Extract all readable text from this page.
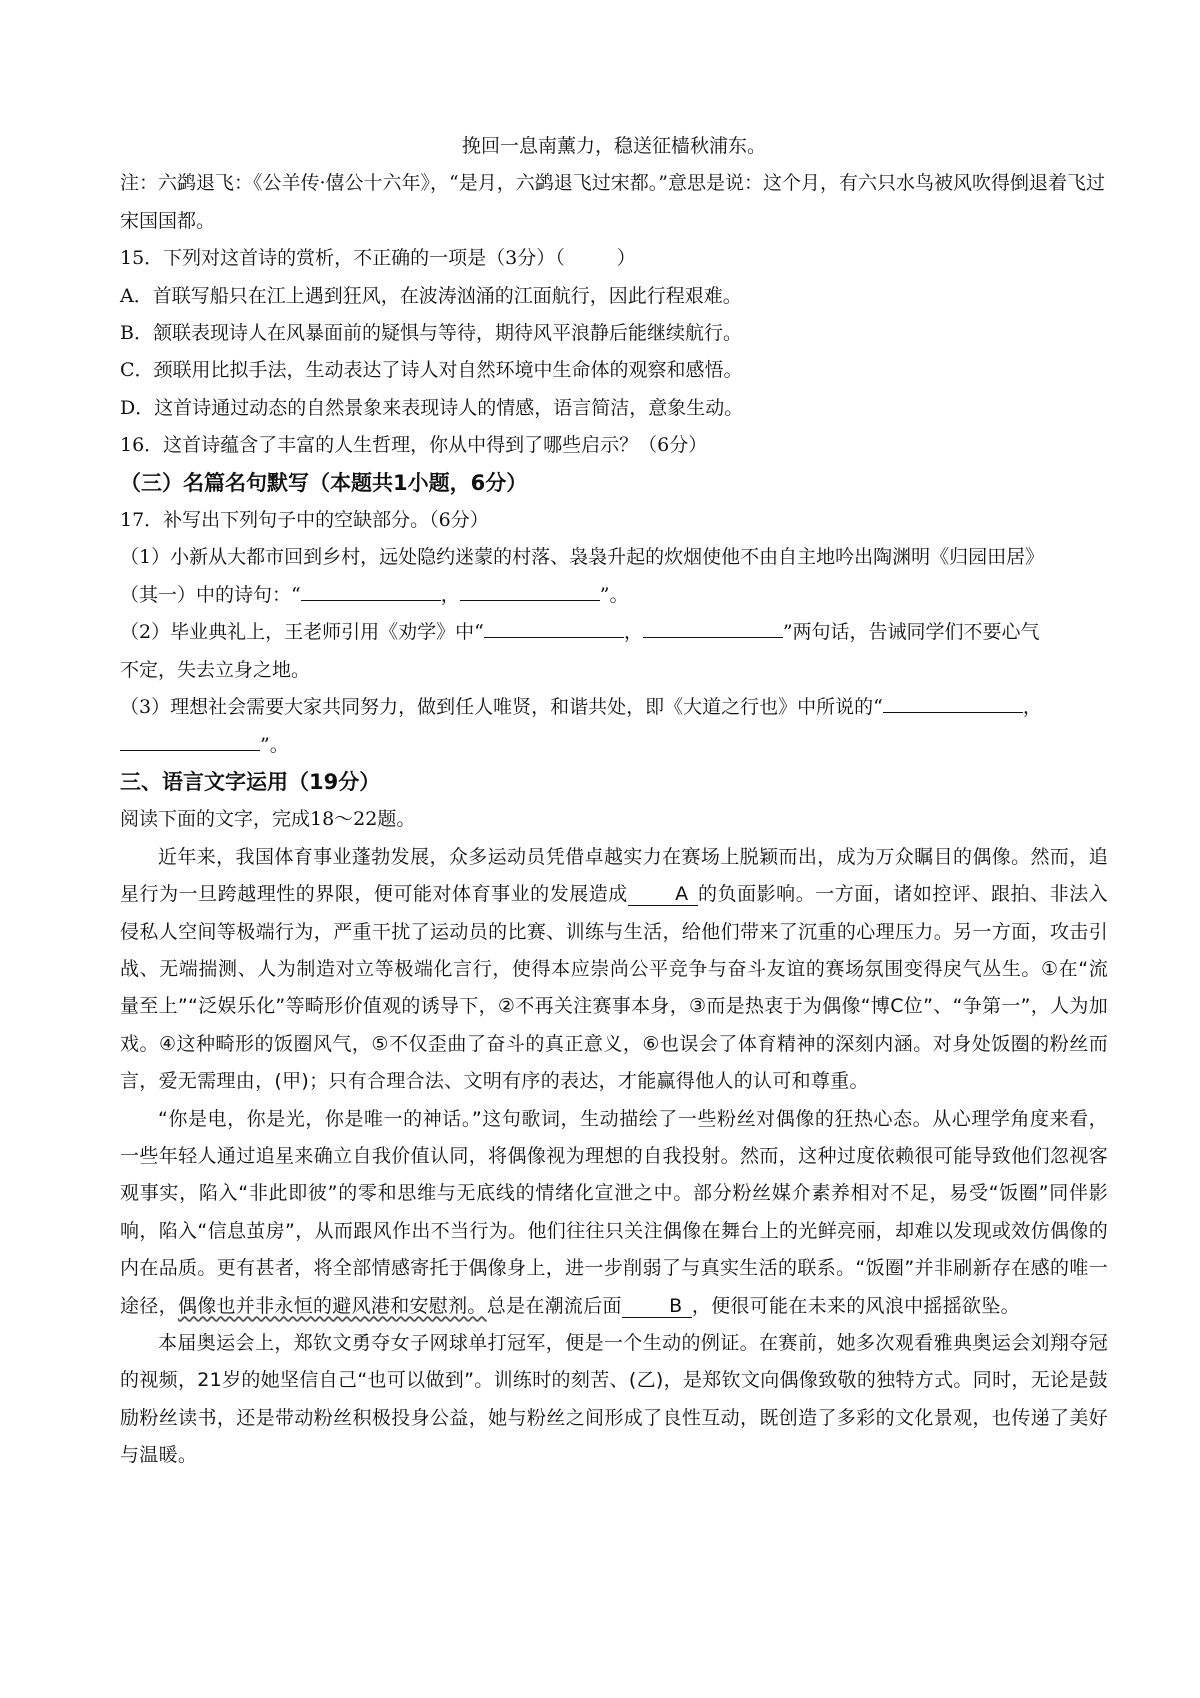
挽回一息南薰力，稳送征樯秋浦东。

注：六鹢退飞：《公羊传·僖公十六年》，“是月，六鹢退飞过宋都。”意思是说：这个月，有六只水鸟被风吹得倒退着飞过宋国国都。

15．下列对这首诗的赏析，不正确的一项是（3分）（	）

A．首联写船只在江上遇到狂风，在波涛汹涌的江面航行，因此行程艰难。

B．颔联表现诗人在风暴面前的疑惧与等待，期待风平浪静后能继续航行。

C．颈联用比拟手法，生动表达了诗人对自然环境中生命体的观察和感悟。

D．这首诗通过动态的自然景象来表现诗人的情感，语言简洁，意象生动。

16．这首诗蕴含了丰富的人生哲理，你从中得到了哪些启示？（6分）

（三）名篇名句默写（本题共1小题，6分）

17．补写出下列句子中的空缺部分。（6分）

（1）小新从大都市回到乡村，远处隐约迷蒙的村落、袅袅升起的炊烟使他不由自主地吟出陶渊明《归园田居》

（其一）中的诗句：“	，	”。

（2）毕业典礼上，王老师引用《劝学》中“	，	”两句话，告诫同学们不要心气

不定，失去立身之地。

（3）理想社会需要大家共同努力，做到任人唯贤，和谐共处，即《大道之行也》中所说的“	，

”。

三、语言文字运用（19分）

阅读下面的文字，完成18～22题。

近年来，我国体育事业蓬勃发展，众多运动员凭借卓越实力在赛场上脱颖而出，成为万众瞩目的偶像。然而，追星行为一旦跨越理性的界限，便可能对体育事业的发展造成 A 的负面影响。一方面，诸如控评、跟拍、非法入侵私人空间等极端行为，严重干扰了运动员的比赛、训练与生活，给他们带来了沉重的心理压力。另一方面，攻击引战、无端揣测、人为制造对立等极端化言行，使得本应崇尚公平竞争与奋斗友谊的赛场氛围变得戾气丛生。①在“流量至上”“泛娱乐化”等畸形价值观的诱导下，②不再关注赛事本身，③而是热衷于为偶像“博C位”、“争第一”，人为加戏。④这种畸形的饭圈风气，⑤不仅歪曲了奋斗的真正意义，⑥也误会了体育精神的深刻内涵。对身处饭圈的粉丝而言，爱无需理由，(甲)；只有合理合法、文明有序的表达，才能赢得他人的认可和尊重。

“你是电，你是光，你是唯一的神话。”这句歌词，生动描绘了一些粉丝对偶像的狂热心态。从心理学角度来看，一些年轻人通过追星来确立自我价值认同，将偶像视为理想的自我投射。然而，这种过度依赖很可能导致他们忽视客观事实，陷入“非此即彼”的零和思维与无底线的情绪化宣泄之中。部分粉丝媒介素养相对不足，易受“饭圈”同伴影响，陷入“信息茧房”，从而跟风作出不当行为。他们往往只关注偶像在舞台上的光鲜亮丽，却难以发现或效仿偶像的内在品质。更有甚者，将全部情感寄托于偶像身上，进一步削弱了与真实生活的联系。“饭圈”并非刷新存在感的唯一途径，偶像也并非永恒的避风港和安慰剂。总是在潮流后面 B ，便很可能在未来的风浪中摇摇欲坠。

本届奥运会上，郑钦文勇夺女子网球单打冠军，便是一个生动的例证。在赛前，她多次观看雅典奥运会刘翔夺冠的视频，21岁的她坚信自己“也可以做到”。训练时的刻苦、(乙)，是郑钦文向偶像致敬的独特方式。同时，无论是鼓励粉丝读书，还是带动粉丝积极投身公益，她与粉丝之间形成了良性互动，既创造了多彩的文化景观，也传递了美好与温暖。
